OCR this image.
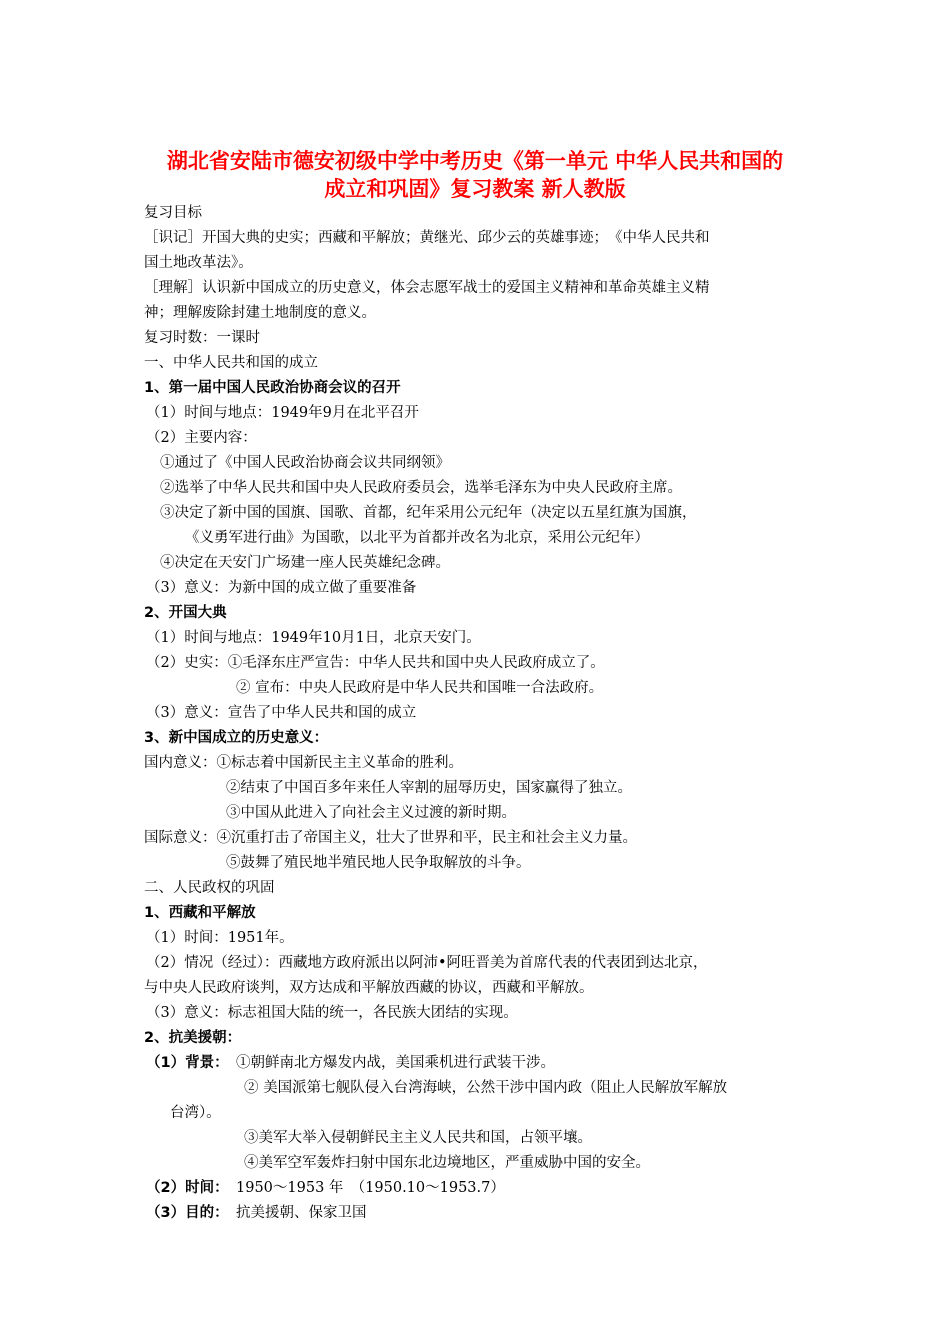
湖北省安陆市德安初级中学中考历史《第一单元 中华人民共和国的
成立和巩固》复习教案 新人教版
复习目标
［识记］开国大典的史实；西藏和平解放；黄继光、邱少云的英雄事迹；　《中华人民共和
国土地改革法》。
［理解］认识新中国成立的历史意义，体会志愿军战士的爱国主义精神和革命英雄主义精
神；理解废除封建土地制度的意义。
复习时数：一课时
一、中华人民共和国的成立
1、第一届中国人民政治协商会议的召开
（1）时间与地点：1949年9月在北平召开
（2）主要内容：
①通过了《中国人民政治协商会议共同纲领》
②选举了中华人民共和国中央人民政府委员会，选举毛泽东为中央人民政府主席。
③决定了新中国的国旗、国歌、首都，纪年采用公元纪年（决定以五星红旗为国旗，
《义勇军进行曲》为国歌，以北平为首都并改名为北京，采用公元纪年）
④决定在天安门广场建一座人民英雄纪念碑。
（3）意义：为新中国的成立做了重要准备
2、开国大典
（1）时间与地点：1949年10月1日，北京天安门。
（2）史实：①毛泽东庄严宣告：中华人民共和国中央人民政府成立了。
② 宣布：中央人民政府是中华人民共和国唯一合法政府。
（3）意义：宣告了中华人民共和国的成立
3、新中国成立的历史意义：
国内意义：①标志着中国新民主主义革命的胜利。
②结束了中国百多年来任人宰割的屈辱历史，国家赢得了独立。
③中国从此进入了向社会主义过渡的新时期。
国际意义：④沉重打击了帝国主义，壮大了世界和平，民主和社会主义力量。
⑤鼓舞了殖民地半殖民地人民争取解放的斗争。
二、人民政权的巩固
1、西藏和平解放
（1）时间：1951年。
（2）情况（经过）：西藏地方政府派出以阿沛•阿旺晋美为首席代表的代表团到达北京，
与中央人民政府谈判，双方达成和平解放西藏的协议，西藏和平解放。
（3）意义：标志祖国大陆的统一，各民族大团结的实现。
2、抗美援朝：
（1）背景： ①朝鲜南北方爆发内战，美国乘机进行武装干涉。
② 美国派第七舰队侵入台湾海峡，公然干涉中国内政（阻止人民解放军解放
台湾）。
③美军大举入侵朝鲜民主主义人民共和国，占领平壤。
④美军空军轰炸扫射中国东北边境地区，严重威胁中国的安全。
（2）时间： 1950～1953 年　（1950.10～1953.7）
（3）目的： 抗美援朝、保家卫国
